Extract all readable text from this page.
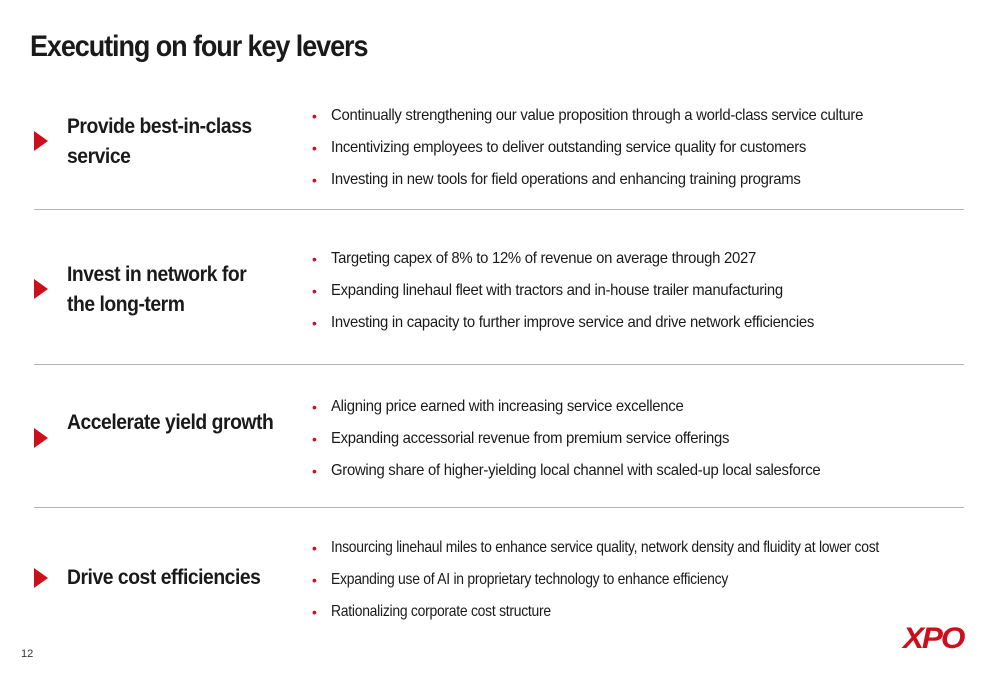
Executing on four key levers
Provide best-in-class service
• Continually strengthening our value proposition through a world-class service culture
• Incentivizing employees to deliver outstanding service quality for customers
• Investing in new tools for field operations and enhancing training programs
Invest in network for the long-term
• Targeting capex of 8% to 12% of revenue on average through 2027
• Expanding linehaul fleet with tractors and in-house trailer manufacturing
• Investing in capacity to further improve service and drive network efficiencies
Accelerate yield growth
• Aligning price earned with increasing service excellence
• Expanding accessorial revenue from premium service offerings
• Growing share of higher-yielding local channel with scaled-up local salesforce
Drive cost efficiencies
• Insourcing linehaul miles to enhance service quality, network density and fluidity at lower cost
• Expanding use of AI in proprietary technology to enhance efficiency
• Rationalizing corporate cost structure
12	XPO
